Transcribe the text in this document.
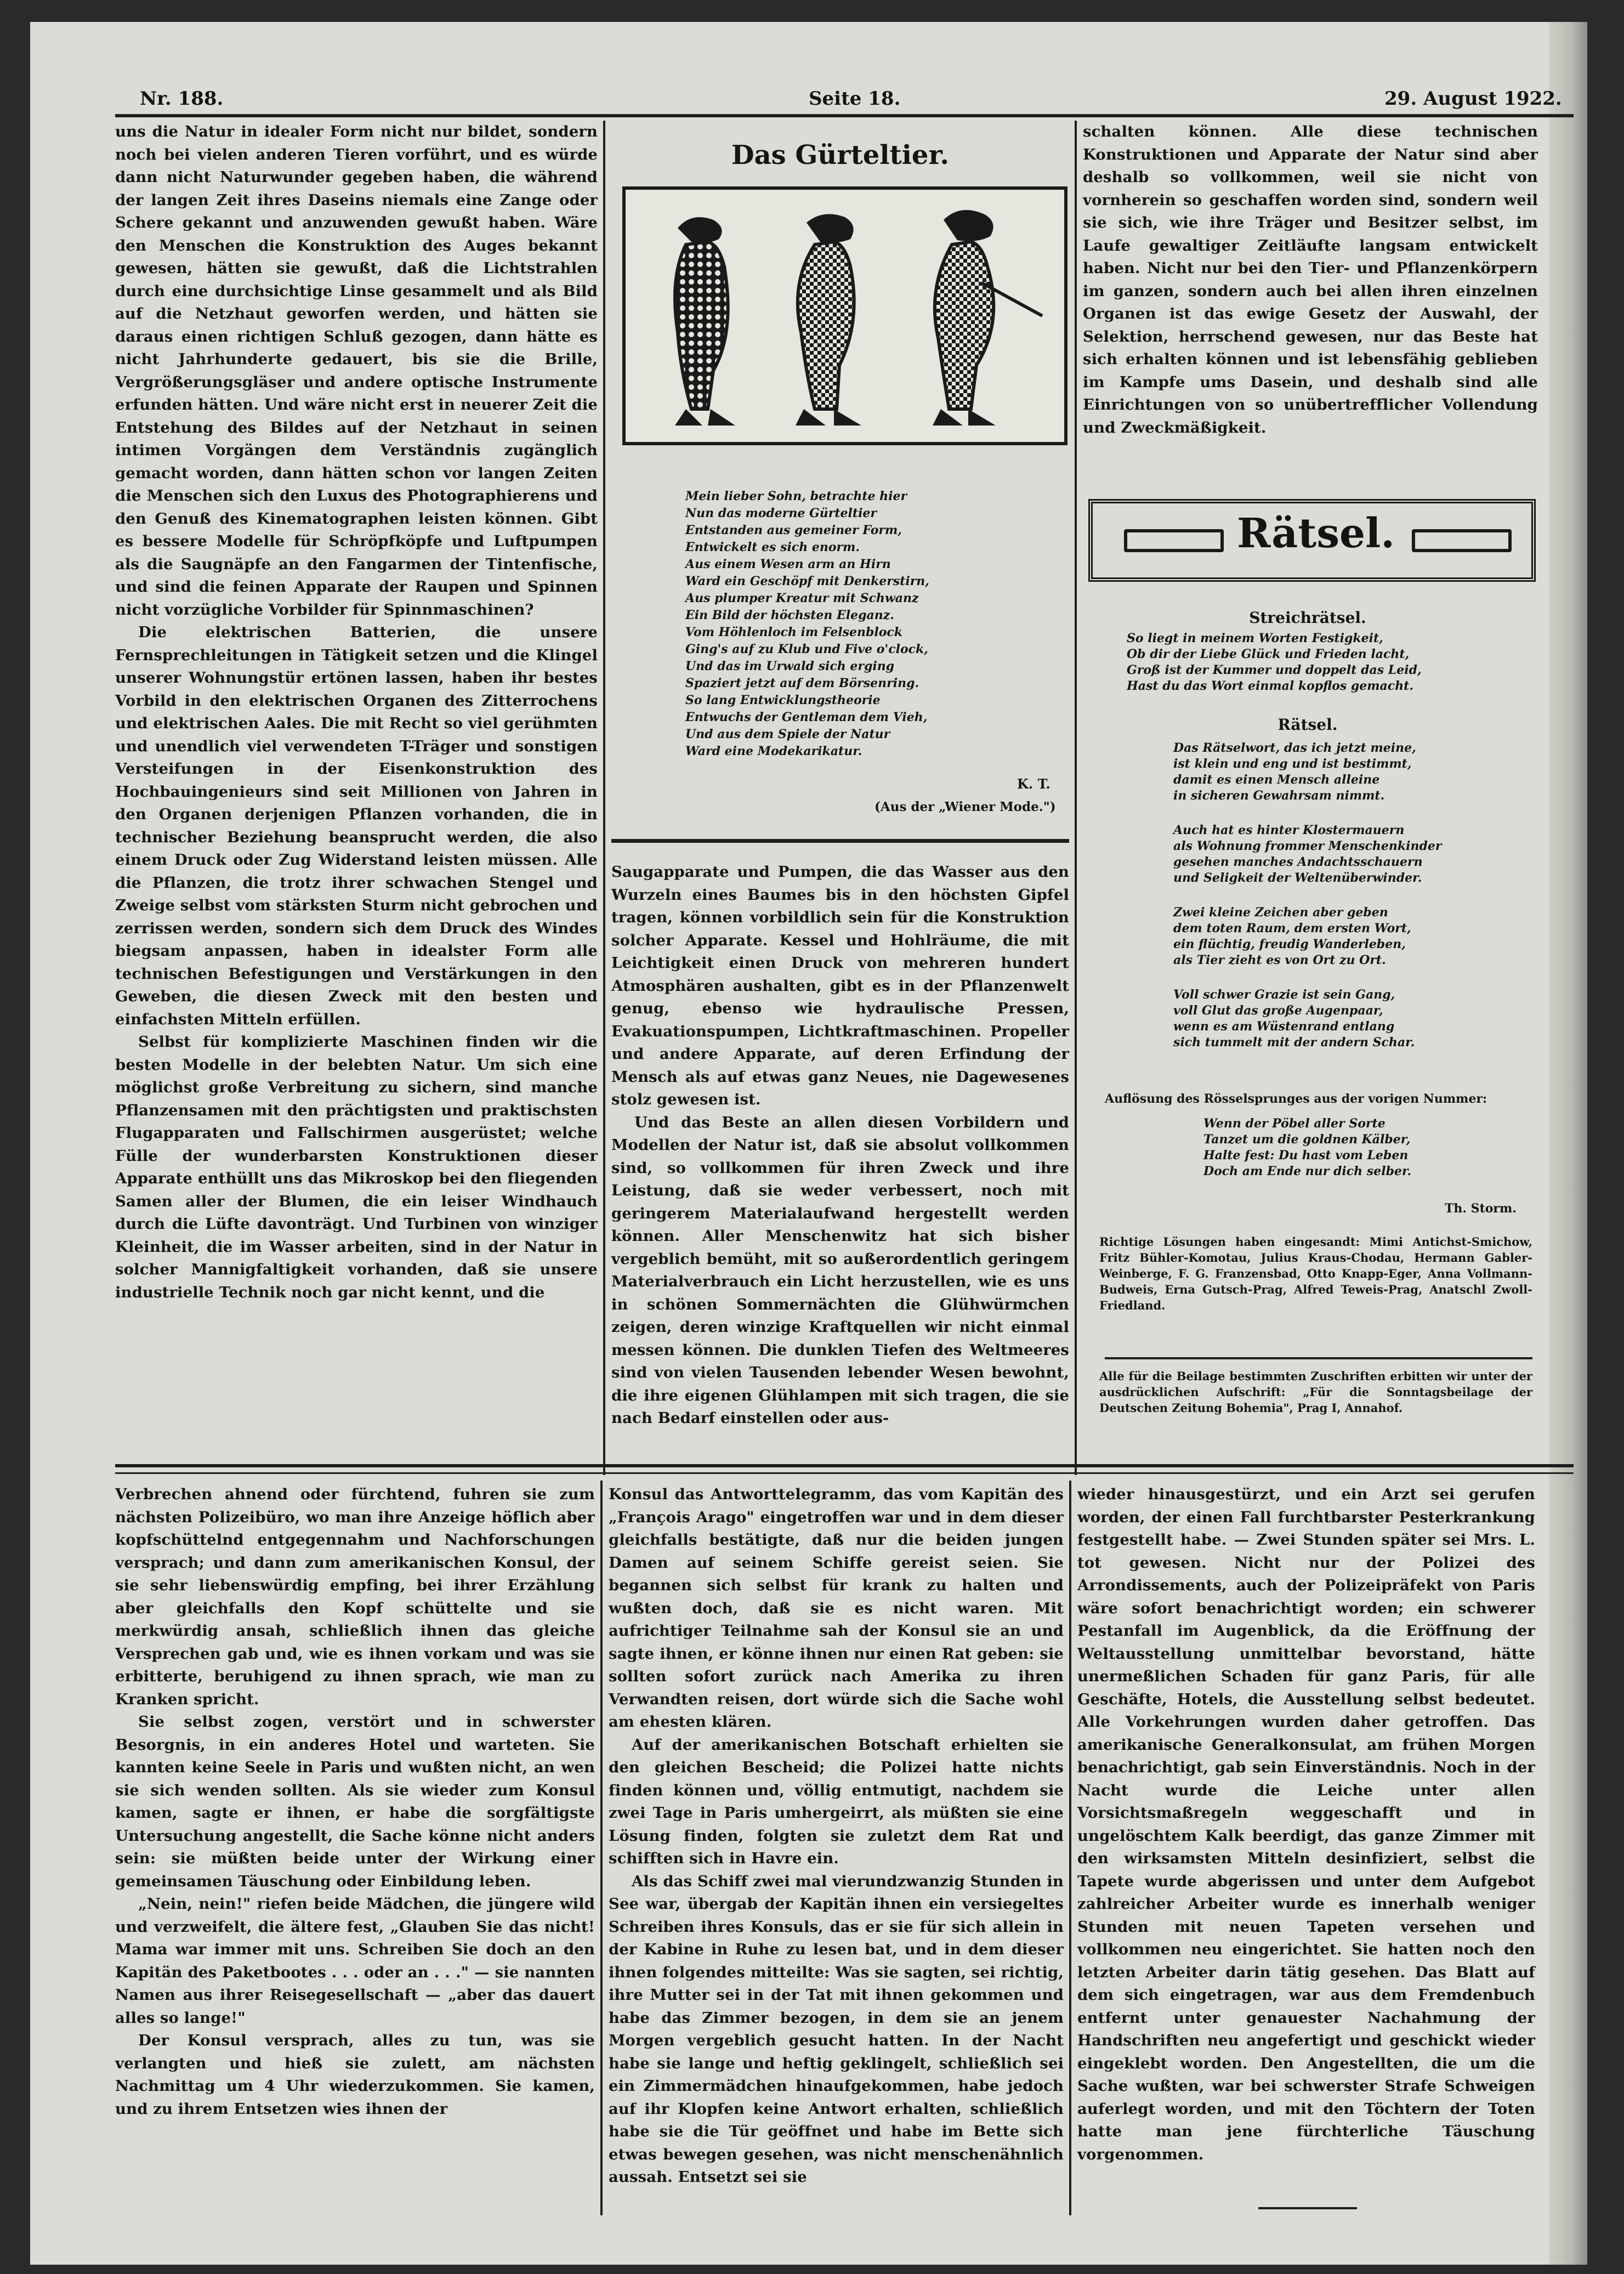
Nr. 188.	Seite 18.	29. August 1922.

uns die Natur in idealer Form nicht nur bildet, sondern noch bei vielen anderen Tieren vorführt, und es würde dann nicht Naturwunder gegeben haben, die während der langen Zeit ihres Daseins niemals eine Zange oder Schere gekannt und anzuwenden gewußt haben. Wäre den Menschen die Konstruktion des Auges bekannt gewesen, hätten sie gewußt, daß die Lichtstrahlen durch eine durchsichtige Linse gesammelt und als Bild auf die Netzhaut geworfen werden, und hätten sie daraus einen richtigen Schluß gezogen, dann hätte es nicht Jahrhunderte gedauert, bis sie die Brille, Vergrößerungsgläser und andere optische Instrumente erfunden hätten. Und wäre nicht erst in neuerer Zeit die Entstehung des Bildes auf der Netzhaut in seinen intimen Vorgängen dem Verständnis zugänglich gemacht worden, dann hätten schon vor langen Zeiten die Menschen sich den Luxus des Photographierens und den Genuß des Kinematographen leisten können. Gibt es bessere Modelle für Schröpfköpfe und Luftpumpen als die Saugnäpfe an den Fangarmen der Tintenfische, und sind die feinen Apparate der Raupen und Spinnen nicht vorzügliche Vorbilder für Spinnmaschinen?

Die elektrischen Batterien, die unsere Fernsprechleitungen in Tätigkeit setzen und die Klingel unserer Wohnungstür ertönen lassen, haben ihr bestes Vorbild in den elektrischen Organen des Zitterrochens und elektrischen Aales. Die mit Recht so viel gerühmten und unendlich viel verwendeten T-Träger und sonstigen Versteifungen in der Eisenkonstruktion des Hochbauingenieurs sind seit Millionen von Jahren in den Organen derjenigen Pflanzen vorhanden, die in technischer Beziehung beansprucht werden, die also einem Druck oder Zug Widerstand leisten müssen. Alle die Pflanzen, die trotz ihrer schwachen Stengel und Zweige selbst vom stärksten Sturm nicht gebrochen und zerrissen werden, sondern sich dem Druck des Windes biegsam anpassen, haben in idealster Form alle technischen Befestigungen und Verstärkungen in den Geweben, die diesen Zweck mit den besten und einfachsten Mitteln erfüllen.

Selbst für komplizierte Maschinen finden wir die besten Modelle in der belebten Natur. Um sich eine möglichst große Verbreitung zu sichern, sind manche Pflanzensamen mit den prächtigsten und praktischsten Flugapparaten und Fallschirmen ausgerüstet; welche Fülle der wunderbarsten Konstruktionen dieser Apparate enthüllt uns das Mikroskop bei den fliegenden Samen aller der Blumen, die ein leiser Windhauch durch die Lüfte davonträgt. Und Turbinen von winziger Kleinheit, die im Wasser arbeiten, sind in der Natur in solcher Mannigfaltigkeit vorhanden, daß sie unsere industrielle Technik noch gar nicht kennt, und die

Das Gürteltier.
Mein lieber Sohn, betrachte hier
Nun das moderne Gürteltier
Entstanden aus gemeiner Form,
Entwickelt es sich enorm.
Aus einem Wesen arm an Hirn
Ward ein Geschöpf mit Denkerstirn,
Aus plumper Kreatur mit Schwanz
Ein Bild der höchsten Eleganz.
Vom Höhlenloch im Felsenblock
Ging's auf zu Klub und Five o'clock,
Und das im Urwald sich erging
Spaziert jetzt auf dem Börsenring.
So lang Entwicklungstheorie
Entwuchs der Gentleman dem Vieh,
Und aus dem Spiele der Natur
Ward eine Modekarikatur.
K. T.
(Aus der „Wiener Mode.")

Saugapparate und Pumpen, die das Wasser aus den Wurzeln eines Baumes bis in den höchsten Gipfel tragen, können vorbildlich sein für die Konstruktion solcher Apparate. Kessel und Hohlräume, die mit Leichtigkeit einen Druck von mehreren hundert Atmosphären aushalten, gibt es in der Pflanzenwelt genug, ebenso wie hydraulische Pressen, Evakuationspumpen, Lichtkraftmaschinen. Propeller und andere Apparate, auf deren Erfindung der Mensch als auf etwas ganz Neues, nie Dagewesenes stolz gewesen ist.

Und das Beste an allen diesen Vorbildern und Modellen der Natur ist, daß sie absolut vollkommen sind, so vollkommen für ihren Zweck und ihre Leistung, daß sie weder verbessert, noch mit geringerem Materialaufwand hergestellt werden können. Aller Menschenwitz hat sich bisher vergeblich bemüht, mit so außerordentlich geringem Materialverbrauch ein Licht herzustellen, wie es uns in schönen Sommernächten die Glühwürmchen zeigen, deren winzige Kraftquellen wir nicht einmal messen können. Die dunklen Tiefen des Weltmeeres sind von vielen Tausenden lebender Wesen bewohnt, die ihre eigenen Glühlampen mit sich tragen, die sie nach Bedarf einstellen oder aus-

schalten können. Alle diese technischen Konstruktionen und Apparate der Natur sind aber deshalb so vollkommen, weil sie nicht von vornherein so geschaffen worden sind, sondern weil sie sich, wie ihre Träger und Besitzer selbst, im Laufe gewaltiger Zeitläufte langsam entwickelt haben. Nicht nur bei den Tier- und Pflanzenkörpern im ganzen, sondern auch bei allen ihren einzelnen Organen ist das ewige Gesetz der Auswahl, der Selektion, herrschend gewesen, nur das Beste hat sich erhalten können und ist lebensfähig geblieben im Kampfe ums Dasein, und deshalb sind alle Einrichtungen von so unübertrefflicher Vollendung und Zweckmäßigkeit.

Rätsel.
Streichrätsel.
So liegt in meinem Worten Festigkeit,
Ob dir der Liebe Glück und Frieden lacht,
Groß ist der Kummer und doppelt das Leid,
Hast du das Wort einmal kopflos gemacht.
Rätsel.
Das Rätselwort, das ich jetzt meine,
ist klein und eng und ist bestimmt,
damit es einen Mensch alleine
in sicheren Gewahrsam nimmt.
Auch hat es hinter Klostermauern
als Wohnung frommer Menschenkinder
gesehen manches Andachtsschauern
und Seligkeit der Weltenüberwinder.
Zwei kleine Zeichen aber geben
dem toten Raum, dem ersten Wort,
ein flüchtig, freudig Wanderleben,
als Tier zieht es von Ort zu Ort.
Voll schwer Grazie ist sein Gang,
voll Glut das große Augenpaar,
wenn es am Wüstenrand entlang
sich tummelt mit der andern Schar.
Auflösung des Rösselsprunges aus der vorigen Nummer:
Wenn der Pöbel aller Sorte
Tanzet um die goldnen Kälber,
Halte fest: Du hast vom Leben
Doch am Ende nur dich selber.
Th. Storm.
Richtige Lösungen haben eingesandt: Mimi Antichst-Smichow, Fritz Bühler-Komotau, Julius Kraus-Chodau, Hermann Gabler-Weinberge, F. G. Franzensbad, Otto Knapp-Eger, Anna Vollmann-Budweis, Erna Gutsch-Prag, Alfred Teweis-Prag, Anatschl Zwoll-Friedland.
Alle für die Beilage bestimmten Zuschriften erbitten wir unter der ausdrücklichen Aufschrift: „Für die Sonntagsbeilage der Deutschen Zeitung Bohemia", Prag I, Annahof.

Verbrechen ahnend oder fürchtend, fuhren sie zum nächsten Polizeibüro, wo man ihre Anzeige höflich aber kopfschüttelnd entgegennahm und Nachforschungen versprach; und dann zum amerikanischen Konsul, der sie sehr liebenswürdig empfing, bei ihrer Erzählung aber gleichfalls den Kopf schüttelte und sie merkwürdig ansah, schließlich ihnen das gleiche Versprechen gab und, wie es ihnen vorkam und was sie erbitterte, beruhigend zu ihnen sprach, wie man zu Kranken spricht.

Sie selbst zogen, verstört und in schwerster Besorgnis, in ein anderes Hotel und warteten. Sie kannten keine Seele in Paris und wußten nicht, an wen sie sich wenden sollten. Als sie wieder zum Konsul kamen, sagte er ihnen, er habe die sorgfältigste Untersuchung angestellt, die Sache könne nicht anders sein: sie müßten beide unter der Wirkung einer gemeinsamen Täuschung oder Einbildung leben.

„Nein, nein!" riefen beide Mädchen, die jüngere wild und verzweifelt, die ältere fest, „Glauben Sie das nicht! Mama war immer mit uns. Schreiben Sie doch an den Kapitän des Paketbootes . . . oder an . . ." — sie nannten Namen aus ihrer Reisegesellschaft — „aber das dauert alles so lange!"

Der Konsul versprach, alles zu tun, was sie verlangten und hieß sie zulett, am nächsten Nachmittag um 4 Uhr wiederzukommen. Sie kamen, und zu ihrem Entsetzen wies ihnen der

Konsul das Antworttelegramm, das vom Kapitän des „François Arago" eingetroffen war und in dem dieser gleichfalls bestätigte, daß nur die beiden jungen Damen auf seinem Schiffe gereist seien. Sie begannen sich selbst für krank zu halten und wußten doch, daß sie es nicht waren. Mit aufrichtiger Teilnahme sah der Konsul sie an und sagte ihnen, er könne ihnen nur einen Rat geben: sie sollten sofort zurück nach Amerika zu ihren Verwandten reisen, dort würde sich die Sache wohl am ehesten klären.

Auf der amerikanischen Botschaft erhielten sie den gleichen Bescheid; die Polizei hatte nichts finden können und, völlig entmutigt, nachdem sie zwei Tage in Paris umhergeirrt, als müßten sie eine Lösung finden, folgten sie zuletzt dem Rat und schifften sich in Havre ein.

Als das Schiff zwei mal vierundzwanzig Stunden in See war, übergab der Kapitän ihnen ein versiegeltes Schreiben ihres Konsuls, das er sie für sich allein in der Kabine in Ruhe zu lesen bat, und in dem dieser ihnen folgendes mitteilte: Was sie sagten, sei richtig, ihre Mutter sei in der Tat mit ihnen gekommen und habe das Zimmer bezogen, in dem sie an jenem Morgen vergeblich gesucht hatten. In der Nacht habe sie lange und heftig geklingelt, schließlich sei ein Zimmermädchen hinaufgekommen, habe jedoch auf ihr Klopfen keine Antwort erhalten, schließlich habe sie die Tür geöffnet und habe im Bette sich etwas bewegen gesehen, was nicht menschenähnlich aussah. Entsetzt sei sie

wieder hinausgestürzt, und ein Arzt sei gerufen worden, der einen Fall furchtbarster Pesterkrankung festgestellt habe. — Zwei Stunden später sei Mrs. L. tot gewesen. Nicht nur der Polizei des Arrondissements, auch der Polizeipräfekt von Paris wäre sofort benachrichtigt worden; ein schwerer Pestanfall im Augenblick, da die Eröffnung der Weltausstellung unmittelbar bevorstand, hätte unermeßlichen Schaden für ganz Paris, für alle Geschäfte, Hotels, die Ausstellung selbst bedeutet. Alle Vorkehrungen wurden daher getroffen. Das amerikanische Generalkonsulat, am frühen Morgen benachrichtigt, gab sein Einverständnis. Noch in der Nacht wurde die Leiche unter allen Vorsichtsmaßregeln weggeschafft und in ungelöschtem Kalk beerdigt, das ganze Zimmer mit den wirksamsten Mitteln desinfiziert, selbst die Tapete wurde abgerissen und unter dem Aufgebot zahlreicher Arbeiter wurde es innerhalb weniger Stunden mit neuen Tapeten versehen und vollkommen neu eingerichtet. Sie hatten noch den letzten Arbeiter darin tätig gesehen. Das Blatt auf dem sich eingetragen, war aus dem Fremdenbuch entfernt unter genauester Nachahmung der Handschriften neu angefertigt und geschickt wieder eingeklebt worden. Den Angestellten, die um die Sache wußten, war bei schwerster Strafe Schweigen auferlegt worden, und mit den Töchtern der Toten hatte man jene fürchterliche Täuschung vorgenommen.
